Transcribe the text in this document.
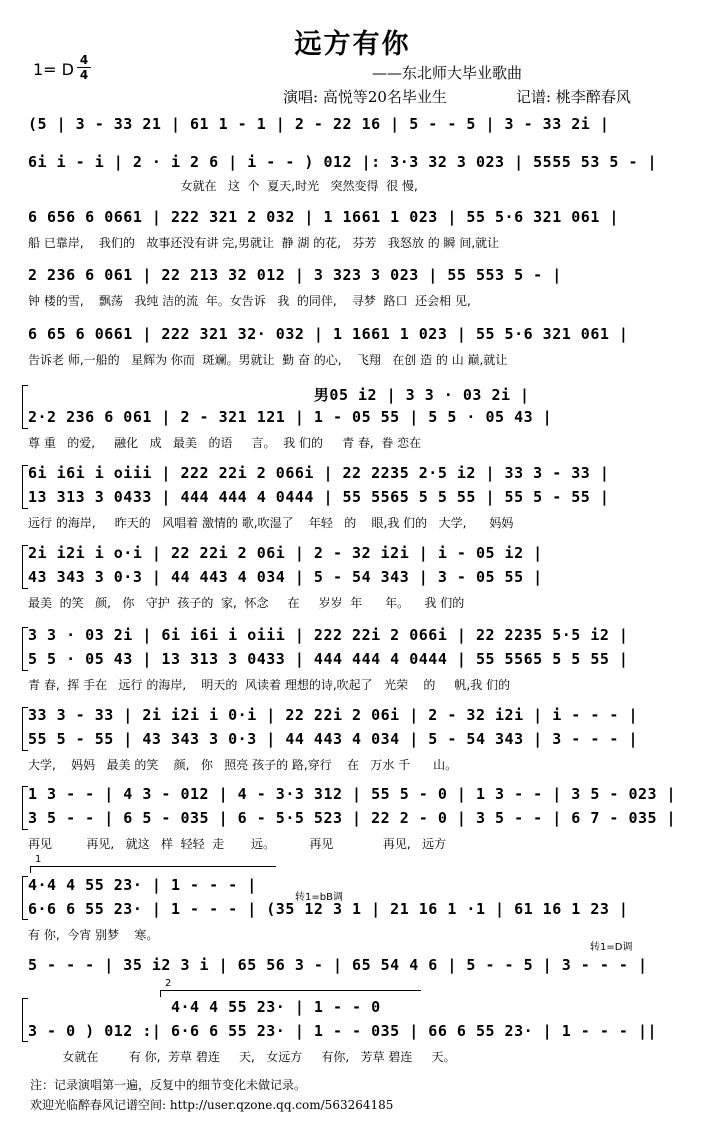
远方有你
1= D 4
4	——东北师大毕业歌曲
演唱: 高悦等20名毕业生	记谱: 桃李醉春风
(5 | 3 - 33 21 | 61 1 - 1 | 2 - 22 16 | 5 - - 5 | 3 - 33 2i |
6i i - i | 2 · i 2 6 | i - - ) 012 |: 3·3 32 3 023 | 5555 53 5 - |
女就在   这  个  夏天,时光   突然变得  很 慢,
6 656 6 0661 | 222 321 2 032 | 1 1661 1 023 | 55 5·6 321 061 |
船 已靠岸,    我们的   故事还没有讲 完,男就让  静 湖 的花,   芬芳   我怒放 的 瞬 间,就让
2 236 6 061 | 22 213 32 012 | 3 323 3 023 | 55 553 5 - |
钟 楼的雪,    飘荡   我纯 洁的流  年。女告诉   我  的同伴,    寻梦  路口  还会相 见,
6 65 6 0661 | 222 321 32· 032 | 1 1661 1 023 | 55 5·6 321 061 |
告诉老 师,一船的   星辉为 你而  斑斓。男就让  勤 奋 的心,    飞翔   在创 造 的 山 巅,就让
男05 i2 | 3 3 · 03 2i |
2·2 236 6 061 | 2 - 321 121 | 1 - 05 55 | 5 5 · 05 43 |
尊 重   的爱,     融化   成   最美   的语     言。  我 们的     青 春,  眷 恋在
6i i6i i oiii | 222 22i 2 066i | 22 2235 2·5 i2 | 33 3 - 33 |
13 313 3 0433 | 444 444 4 0444 | 55 5565 5 5 55 | 55 5 - 55 |
远行 的海岸,     昨天的   风唱着 激情的 歌,吹湿了    年轻   的    眼,我 们的   大学,      妈妈
2i i2i i o·i | 22 22i 2 06i | 2 - 32 i2i | i - 05 i2 |
43 343 3 0·3 | 44 443 4 034 | 5 - 54 343 | 3 - 05 55 |
最美  的笑   颜,   你   守护  孩子的  家,  怀念     在     岁岁  年      年。    我 们的
3 3 · 03 2i | 6i i6i i oiii | 222 22i 2 066i | 22 2235 5·5 i2 |
5 5 · 05 43 | 13 313 3 0433 | 444 444 4 0444 | 55 5565 5 5 55 |
青 春,  挥 手在   远行 的海岸,    明天的  风读着 理想的诗,吹起了   光荣    的     帆,我 们的
33 3 - 33 | 2i i2i i 0·i | 22 22i 2 06i | 2 - 32 i2i | i - - - |
55 5 - 55 | 43 343 3 0·3 | 44 443 4 034 | 5 - 54 343 | 3 - - - |
大学,    妈妈   最美 的笑    颜,   你   照亮 孩子的 路,穿行    在   万水 千      山。
1 3 - - | 4 3 - 012 | 4 - 3·3 312 | 55 5 - 0 | 1 3 - - | 3 5 - 023 |
3 5 - - | 6 5 - 035 | 6 - 5·5 523 | 22 2 - 0 | 3 5 - - | 6 7 - 035 |
再见         再见,   就这   样  轻轻  走       远。         再见             再见,   远方
1
转1=bB调
4·4 4 55 23· | 1 - - - |
6·6 6 55 23· | 1 - - - | (35 12 3 1 | 21 16 1 ·1 | 61 16 1 23 |
有 你,  今宵 别梦    寒。
转1=D调
5 - - - | 35 i2 3 i | 65 56 3 - | 65 54 4 6 | 5 - - 5 | 3 - - - |
2
4·4 4 55 23· | 1 - - 0
3 - 0 ) 012 :| 6·6 6 55 23· | 1 - - 035 | 66 6 55 23· | 1 - - - ||
女就在        有 你,  芳草 碧连     天,   女远方     有你,   芳草 碧连     天。
注：记录演唱第一遍，反复中的细节变化未做记录。
欢迎光临醉春风记谱空间: http://user.qzone.qq.com/563264185
